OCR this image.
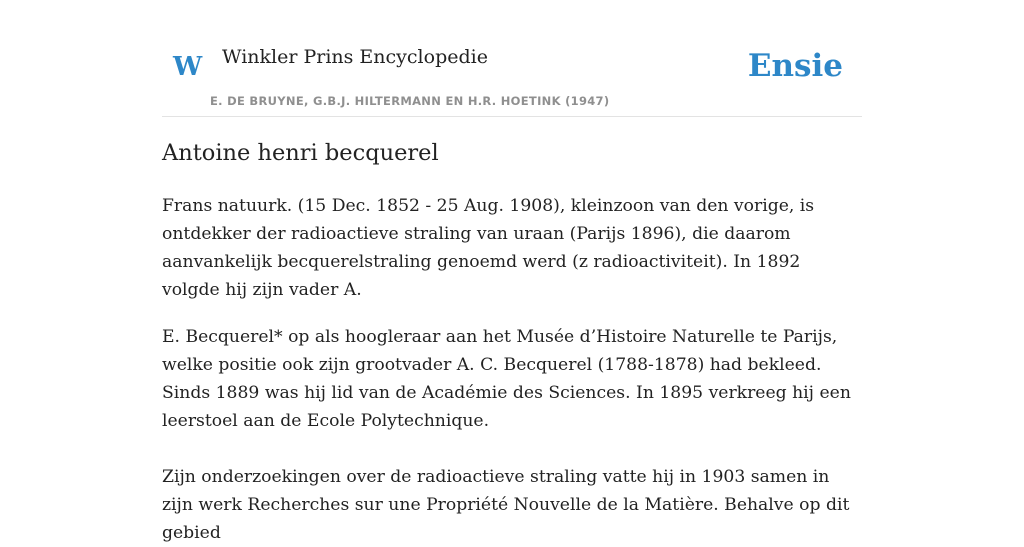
W Winkler Prins Encyclopedie
E. DE BRUYNE, G.B.J. HILTERMANN EN H.R. HOETINK (1947)
Ensie
Antoine henri becquerel

Frans natuurk. (15 Dec. 1852 - 25 Aug. 1908), kleinzoon van den vorige, is ontdekker der radioactieve straling van uraan (Parijs 1896), die daarom aanvankelijk becquerelstraling genoemd werd (z radioactiviteit). In 1892 volgde hij zijn vader A.

E. Becquerel* op als hoogleraar aan het Musée d’Histoire Naturelle te Parijs, welke positie ook zijn grootvader A. C. Becquerel (1788-1878) had bekleed. Sinds 1889 was hij lid van de Académie des Sciences. In 1895 verkreeg hij een leerstoel aan de Ecole Polytechnique.

Zijn onderzoekingen over de radioactieve straling vatte hij in 1903 samen in zijn werk Recherches sur une Propriété Nouvelle de la Matière. Behalve op dit gebied
